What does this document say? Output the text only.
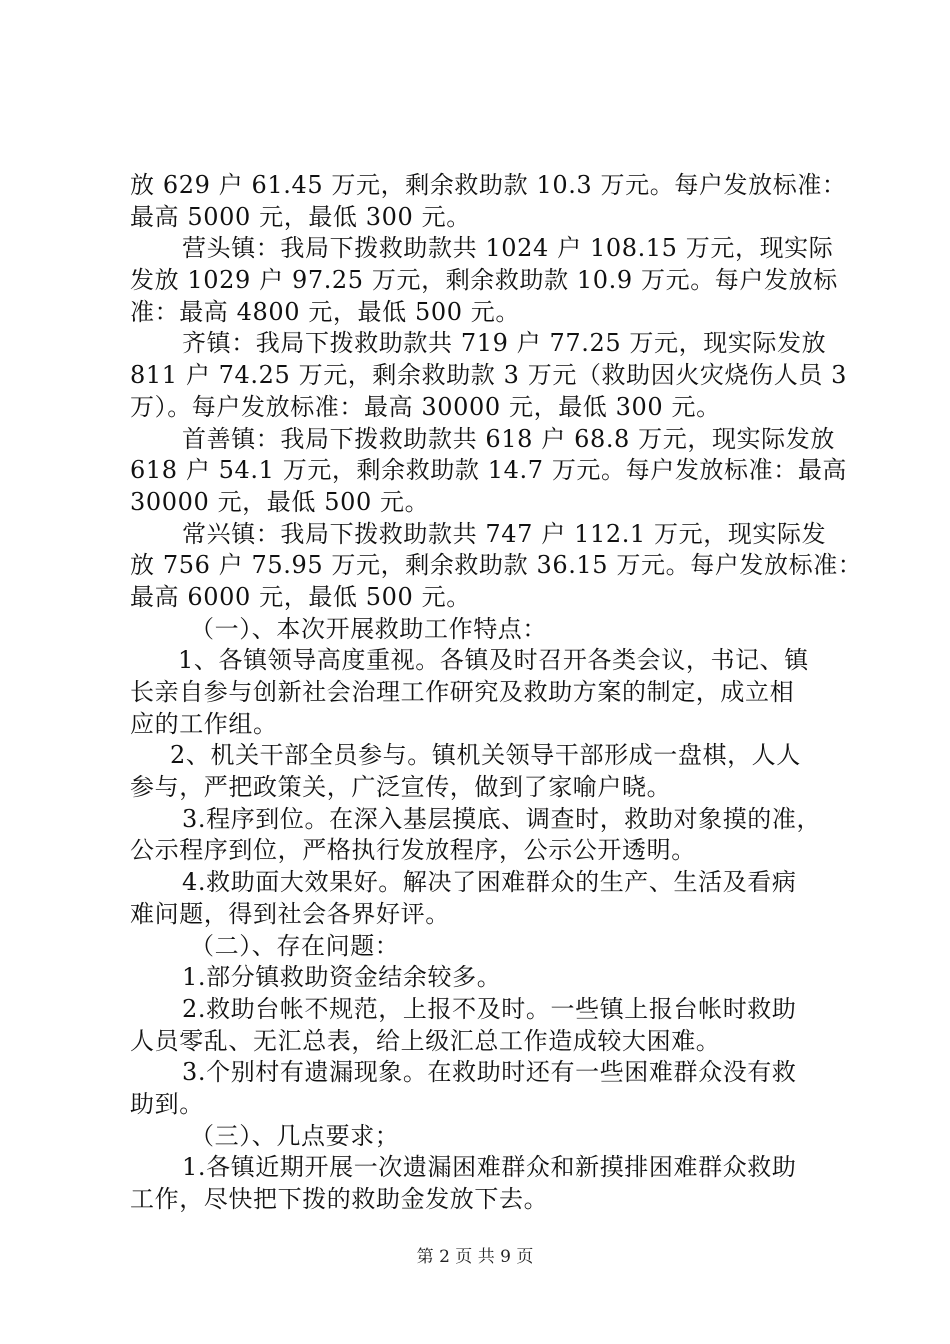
放 629 户 61.45 万元，剩余救助款 10.3 万元。每户发放标准：
最高 5000 元，最低 300 元。
营头镇：我局下拨救助款共 1024 户 108.15 万元，现实际
发放 1029 户 97.25 万元，剩余救助款 10.9 万元。每户发放标
准：最高 4800 元，最低 500 元。
齐镇：我局下拨救助款共 719 户 77.25 万元，现实际发放
811 户 74.25 万元，剩余救助款 3 万元（救助因火灾烧伤人员 3
万）。每户发放标准：最高 30000 元，最低 300 元。
首善镇：我局下拨救助款共 618 户 68.8 万元，现实际发放
618 户 54.1 万元，剩余救助款 14.7 万元。每户发放标准：最高
30000 元，最低 500 元。
常兴镇：我局下拨救助款共 747 户 112.1 万元，现实际发
放 756 户 75.95 万元，剩余救助款 36.15 万元。每户发放标准：
最高 6000 元，最低 500 元。
（一）、本次开展救助工作特点：
1、各镇领导高度重视。各镇及时召开各类会议，书记、镇
长亲自参与创新社会治理工作研究及救助方案的制定，成立相
应的工作组。
2、机关干部全员参与。镇机关领导干部形成一盘棋，人人
参与，严把政策关，广泛宣传，做到了家喻户晓。
3.程序到位。在深入基层摸底、调查时，救助对象摸的准，
公示程序到位，严格执行发放程序，公示公开透明。
4.救助面大效果好。解决了困难群众的生产、生活及看病
难问题，得到社会各界好评。
（二）、存在问题：
1.部分镇救助资金结余较多。
2.救助台帐不规范，上报不及时。一些镇上报台帐时救助
人员零乱、无汇总表，给上级汇总工作造成较大困难。
3.个别村有遗漏现象。在救助时还有一些困难群众没有救
助到。
（三）、几点要求；
1.各镇近期开展一次遗漏困难群众和新摸排困难群众救助
工作，尽快把下拨的救助金发放下去。
第 2 页 共 9 页
